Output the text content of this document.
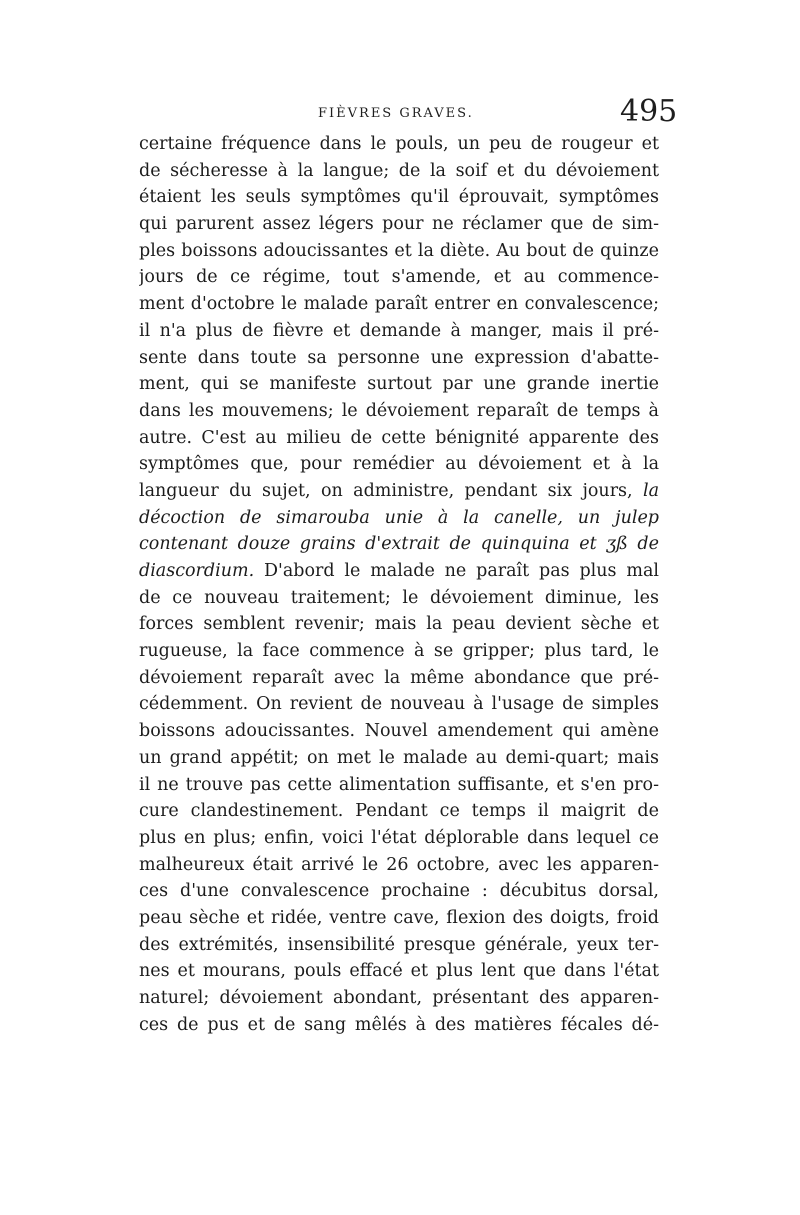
FIÈVRES GRAVES.	495
certaine fréquence dans le pouls, un peu de rougeur et
de sécheresse à la langue; de la soif et du dévoiement
étaient les seuls symptômes qu'il éprouvait, symptômes
qui parurent assez légers pour ne réclamer que de sim-
ples boissons adoucissantes et la diète. Au bout de quinze
jours de ce régime, tout s'amende, et au commence-
ment d'octobre le malade paraît entrer en convalescence;
il n'a plus de fièvre et demande à manger, mais il pré-
sente dans toute sa personne une expression d'abatte-
ment, qui se manifeste surtout par une grande inertie
dans les mouvemens; le dévoiement reparaît de temps à
autre. C'est au milieu de cette bénignité apparente des
symptômes que, pour remédier au dévoiement et à la
langueur du sujet, on administre, pendant six jours, la
décoction de simarouba unie à la canelle, un julep
contenant douze grains d'extrait de quinquina et ʒß de
diascordium. D'abord le malade ne paraît pas plus mal
de ce nouveau traitement; le dévoiement diminue, les
forces semblent revenir; mais la peau devient sèche et
rugueuse, la face commence à se gripper; plus tard, le
dévoiement reparaît avec la même abondance que pré-
cédemment. On revient de nouveau à l'usage de simples
boissons adoucissantes. Nouvel amendement qui amène
un grand appétit; on met le malade au demi-quart; mais
il ne trouve pas cette alimentation suffisante, et s'en pro-
cure clandestinement. Pendant ce temps il maigrit de
plus en plus; enfin, voici l'état déplorable dans lequel ce
malheureux était arrivé le 26 octobre, avec les apparen-
ces d'une convalescence prochaine : décubitus dorsal,
peau sèche et ridée, ventre cave, flexion des doigts, froid
des extrémités, insensibilité presque générale, yeux ter-
nes et mourans, pouls effacé et plus lent que dans l'état
naturel; dévoiement abondant, présentant des apparen-
ces de pus et de sang mêlés à des matières fécales dé-
